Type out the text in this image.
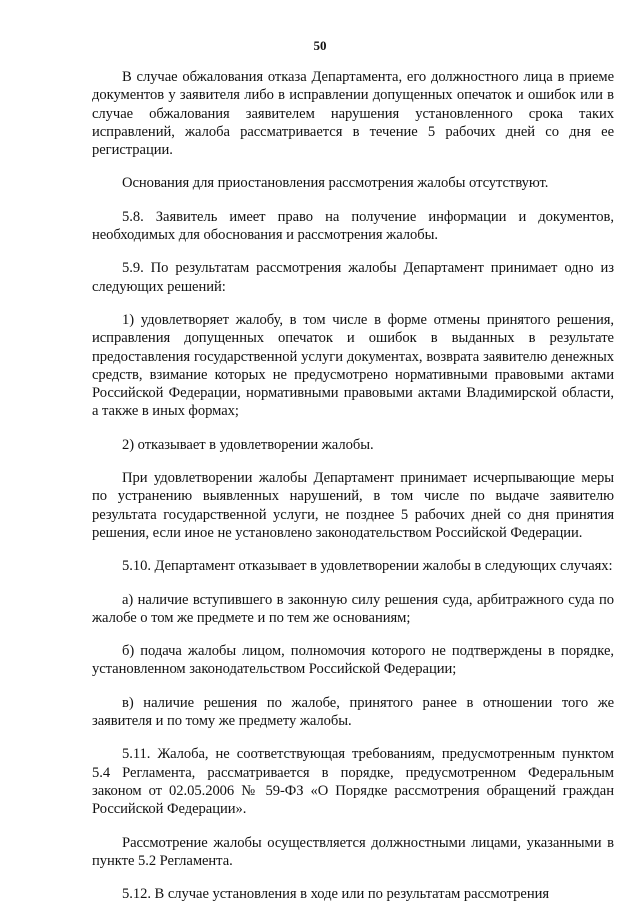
50

В случае обжалования отказа Департамента, его должностного лица в приеме документов у заявителя либо в исправлении допущенных опечаток и ошибок или в случае обжалования заявителем нарушения установленного срока таких исправлений, жалоба рассматривается в течение 5 рабочих дней со дня ее регистрации.

Основания для приостановления рассмотрения жалобы отсутствуют.

5.8. Заявитель имеет право на получение информации и документов, необходимых для обоснования и рассмотрения жалобы.

5.9. По результатам рассмотрения жалобы Департамент принимает одно из следующих решений:

1) удовлетворяет жалобу, в том числе в форме отмены принятого решения, исправления допущенных опечаток и ошибок в выданных в результате предоставления государственной услуги документах, возврата заявителю денежных средств, взимание которых не предусмотрено нормативными правовыми актами Российской Федерации, нормативными правовыми актами Владимирской области, а также в иных формах;

2) отказывает в удовлетворении жалобы.

При удовлетворении жалобы Департамент принимает исчерпывающие меры по устранению выявленных нарушений, в том числе по выдаче заявителю результата государственной услуги, не позднее 5 рабочих дней со дня принятия решения, если иное не установлено законодательством Российской Федерации.

5.10. Департамент отказывает в удовлетворении жалобы в следующих случаях:

а) наличие вступившего в законную силу решения суда, арбитражного суда по жалобе о том же предмете и по тем же основаниям;

б) подача жалобы лицом, полномочия которого не подтверждены в порядке, установленном законодательством Российской Федерации;

в) наличие решения по жалобе, принятого ранее в отношении того же заявителя и по тому же предмету жалобы.

5.11. Жалоба, не соответствующая требованиям, предусмотренным пунктом 5.4 Регламента, рассматривается в порядке, предусмотренном Федеральным законом от 02.05.2006 № 59-ФЗ «О Порядке рассмотрения обращений граждан Российской Федерации».

Рассмотрение жалобы осуществляется должностными лицами, указанными в пункте 5.2 Регламента.

5.12. В случае установления в ходе или по результатам рассмотрения
